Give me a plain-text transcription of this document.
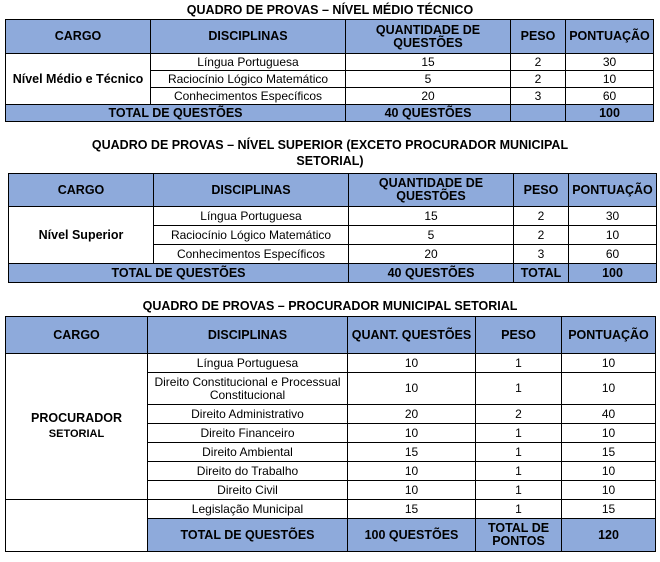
QUADRO DE PROVAS – NÍVEL MÉDIO TÉCNICO

CARGO	DISCIPLINAS	QUANTIDADE DE QUESTÕES	PESO	PONTUAÇÃO
Nível Médio e Técnico	Língua Portuguesa	15	2	30
	Raciocínio Lógico Matemático	5	2	10
	Conhecimentos Específicos	20	3	60
TOTAL DE QUESTÕES		40 QUESTÕES		100

QUADRO DE PROVAS – NÍVEL SUPERIOR (EXCETO PROCURADOR MUNICIPAL SETORIAL)

CARGO	DISCIPLINAS	QUANTIDADE DE QUESTÕES	PESO	PONTUAÇÃO
Nível Superior	Língua Portuguesa	15	2	30
	Raciocínio Lógico Matemático	5	2	10
	Conhecimentos Específicos	20	3	60
TOTAL DE QUESTÕES		40 QUESTÕES	TOTAL	100

QUADRO DE PROVAS – PROCURADOR MUNICIPAL SETORIAL

CARGO	DISCIPLINAS	QUANT. QUESTÕES	PESO	PONTUAÇÃO
PROCURADOR
SETORIAL	Língua Portuguesa	10	1	10
	Direito Constitucional e Processual Constitucional	10	1	10
	Direito Administrativo	20	2	40
	Direito Financeiro	10	1	10
	Direito Ambiental	15	1	15
	Direito do Trabalho	10	1	10
	Direito Civil	10	1	10
	Legislação Municipal	15	1	15
	TOTAL DE QUESTÕES	100 QUESTÕES	TOTAL DE PONTOS	120
